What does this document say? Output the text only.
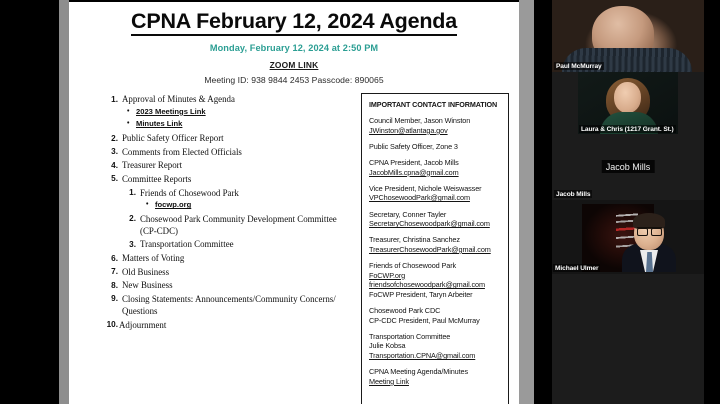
CPNA February 12, 2024 Agenda
Monday, February 12, 2024 at 2:50 PM
ZOOM LINK
Meeting ID: 938 9844 2453 Passcode: 890065
1. Approval of Minutes & Agenda
• 2023 Meetings Link
• Minutes Link
2. Public Safety Officer Report
3. Comments from Elected Officials
4. Treasurer Report
5. Committee Reports
1. Friends of Chosewood Park
• focwp.org
2. Chosewood Park Community Development Committee (CP-CDC)
3. Transportation Committee
6. Matters of Voting
7. Old Business
8. New Business
9. Closing Statements: Announcements/Community Concerns/ Questions
10. Adjournment
IMPORTANT CONTACT INFORMATION
Council Member, Jason Winston
JWinston@atlantaga.gov
Public Safety Officer, Zone 3
CPNA President, Jacob Mills
JacobMills.cpna@gmail.com
Vice President, Nichole Weiswasser
VPChosewoodPark@gmail.com
Secretary, Conner Tayler
SecretaryChosewoodpark@gmail.com
Treasurer, Christina Sanchez
TreasurerChosewoodPark@gmail.com
Friends of Chosewood Park
FoCWP.org
friendsofchosewoodpark@gmail.com
FoCWP President, Taryn Arbeiter
Chosewood Park CDC
CP-CDC President, Paul McMurray
Transportation Committee
Julie Kobsa
Transportation.CPNA@gmail.com
CPNA Meeting Agenda/Minutes
Meeting Link
Paul McMurray
Laura & Chris (1217 Grant. St.)
Jacob Mills
Jacob Mills
Michael Ulmer
